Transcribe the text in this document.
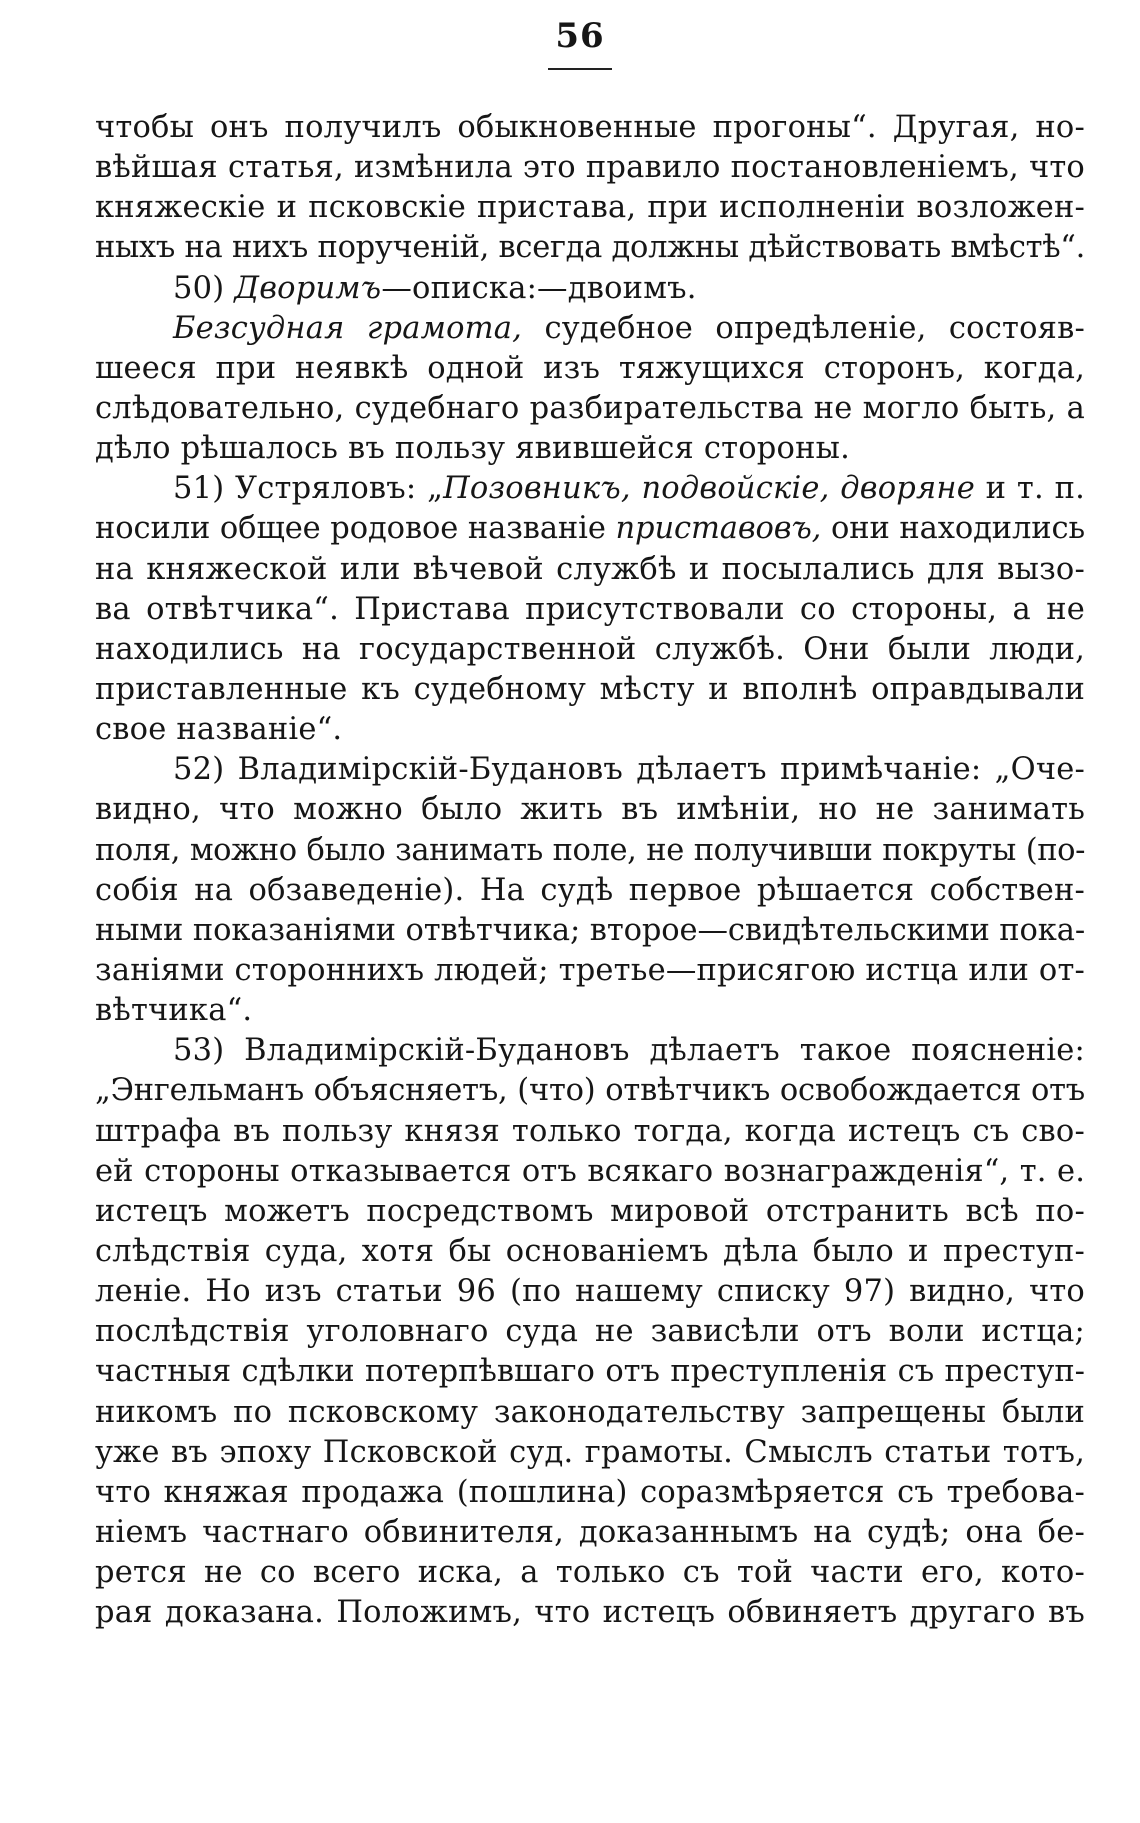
56
чтобы онъ получилъ обыкновенные прогоны“. Другая, но-
вѣйшая статья, измѣнила это правило постановленіемъ, что
княжескіе и псковскіе пристава, при исполненіи возложен-
ныхъ на нихъ порученій, всегда должны дѣйствовать вмѣстѣ“.
50) Дворимъ—описка:—двоимъ.
Безсудная грамота, судебное опредѣленіе, состояв-
шееся при неявкѣ одной изъ тяжущихся сторонъ, когда,
слѣдовательно, судебнаго разбирательства не могло быть, а
дѣло рѣшалось въ пользу явившейся стороны.
51) Устряловъ: „Позовникъ, подвойскіе, дворяне и т. п.
носили общее родовое названіе приставовъ, они находились
на княжеской или вѣчевой службѣ и посылались для вызо-
ва отвѣтчика“. Пристава присутствовали со стороны, а не
находились на государственной службѣ. Они были люди,
приставленные къ судебному мѣсту и вполнѣ оправдывали
свое названіе“.
52) Владимірскій-Будановъ дѣлаетъ примѣчаніе: „Оче-
видно, что можно было жить въ имѣніи, но не занимать
поля, можно было занимать поле, не получивши покруты (по-
собія на обзаведеніе). На судѣ первое рѣшается собствен-
ными показаніями отвѣтчика; второе—свидѣтельскими пока-
заніями стороннихъ людей; третье—присягою истца или от-
вѣтчика“.
53) Владимірскій-Будановъ дѣлаетъ такое поясненіе:
„Энгельманъ объясняетъ, (что) отвѣтчикъ освобождается отъ
штрафа въ пользу князя только тогда, когда истецъ съ сво-
ей стороны отказывается отъ всякаго вознагражденія“, т. е.
истецъ можетъ посредствомъ мировой отстранить всѣ по-
слѣдствія суда, хотя бы основаніемъ дѣла было и преступ-
леніе. Но изъ статьи 96 (по нашему списку 97) видно, что
послѣдствія уголовнаго суда не зависѣли отъ воли истца;
частныя сдѣлки потерпѣвшаго отъ преступленія съ преступ-
никомъ по псковскому законодательству запрещены были
уже въ эпоху Псковской суд. грамоты. Смыслъ статьи тотъ,
что княжая продажа (пошлина) соразмѣряется съ требова-
ніемъ частнаго обвинителя, доказаннымъ на судѣ; она бе-
рется не со всего иска, а только съ той части его, кото-
рая доказана. Положимъ, что истецъ обвиняетъ другаго въ
